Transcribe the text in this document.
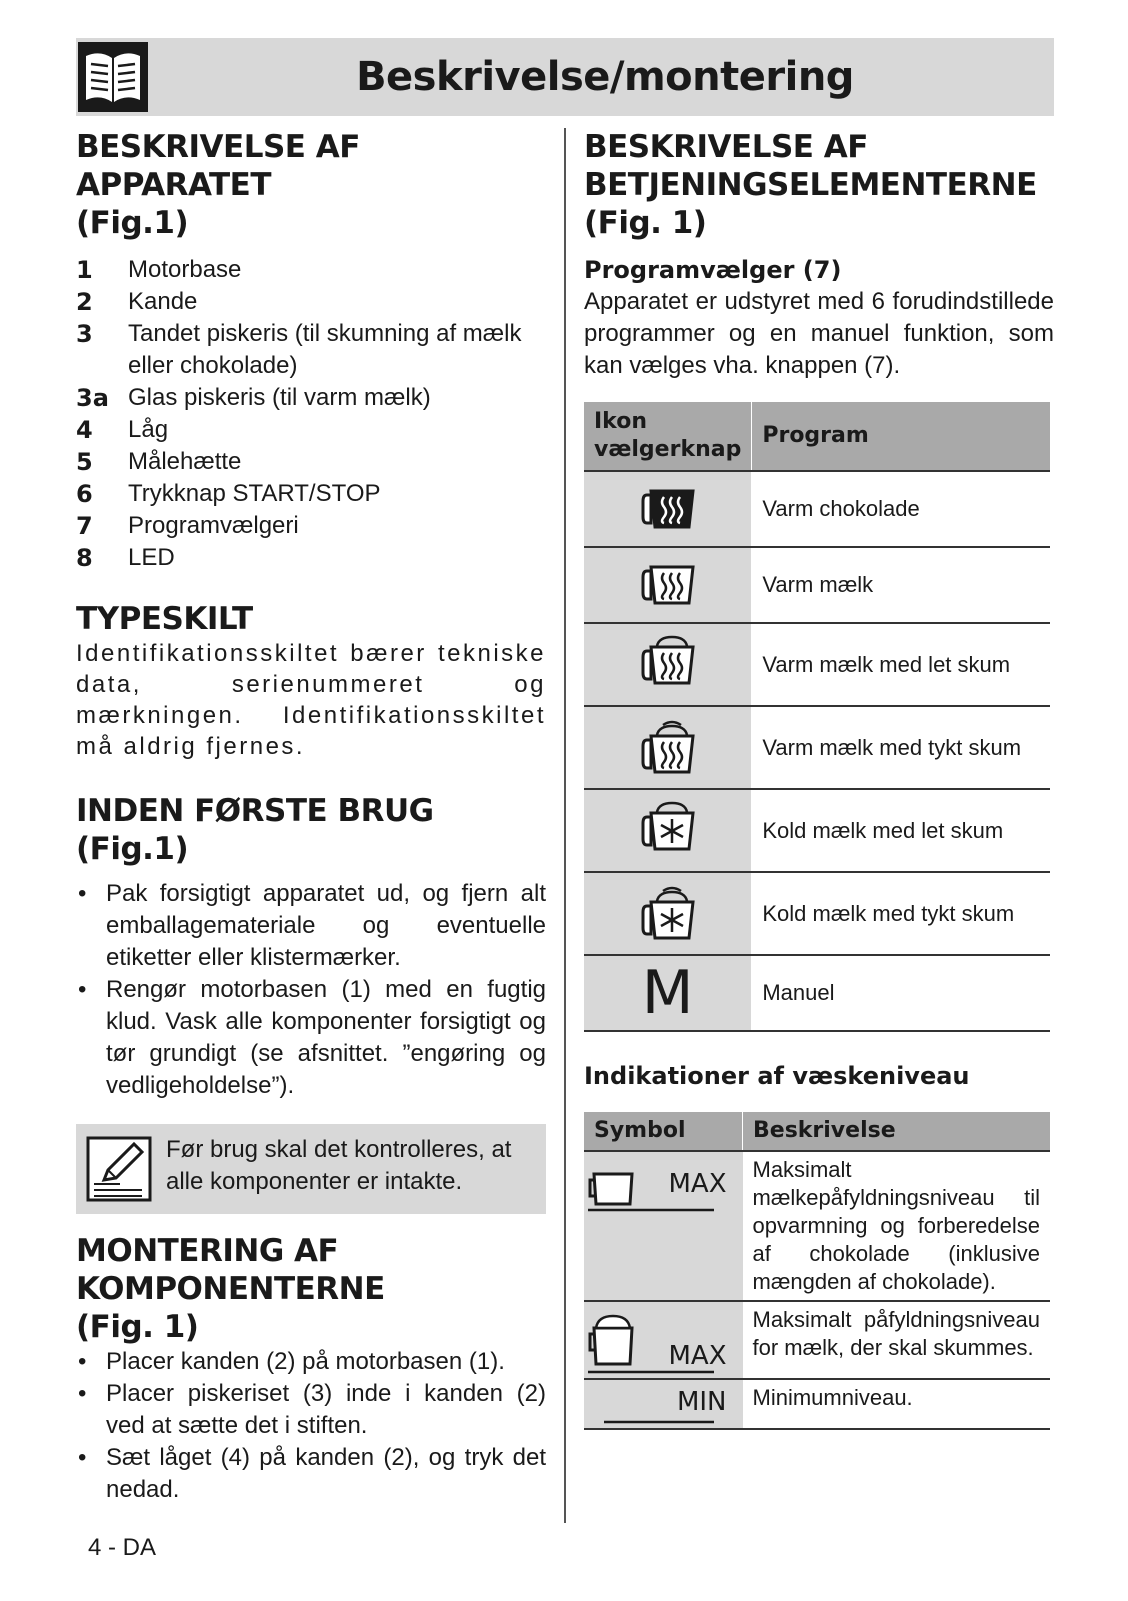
Beskrivelse/montering
BESKRIVELSE AF APPARATET
(Fig.1)
1	Motorbase
2	Kande
3	Tandet piskeris (til skumning af mælk eller chokolade)
3a Glas piskeris (til varm mælk)
4	Låg
5	Målehætte
6	Trykknap START/STOP
7	Programvælgeri
8	LED
TYPESKILT

Identifikationsskiltet bærer tekniske data, serienummeret og mærkningen. Identifikationsskiltet må aldrig fjernes.

INDEN FØRSTE BRUG
(Fig.1)
• Pak forsigtigt apparatet ud, og fjern alt emballagemateriale og eventuelle etiketter eller klistermærker.
• Rengør motorbasen (1) med en fugtig klud. Vask alle komponenter forsigtigt og tør grundigt (se afsnittet. ”engøring og vedligeholdelse”).

Før brug skal det kontrolleres, at alle komponenter er intakte.

MONTERING AF
KOMPONENTERNE
(Fig. 1)
• Placer kanden (2) på motorbasen (1).
• Placer piskeriset (3) inde i kanden (2) ved at sætte det i stiften.
• Sæt låget (4) på kanden (2), og tryk det nedad.
BESKRIVELSE AF
BETJENINGSELEMENTERNE
(Fig. 1)
Programvælger (7)

Apparatet er udstyret med 6 forudindstillede programmer og en manuel funktion, som kan vælges vha. knappen (7).

Ikon
vælgerknap	Program
	Varm chokolade
	Varm mælk
	Varm mælk med let skum
	Varm mælk med tykt skum
	Kold mælk med let skum
	Kold mælk med tykt skum
M	Manuel
Indikationer af væskeniveau
Symbol	Beskrivelse

MAX	Maksimalt mælkepåfyldningsniveau til opvarmning og forberedelse af chokolade (inklusive mængden af chokolade).

MAX	Maksimalt påfyldningsniveau for mælk, der skal skummes.

MIN	Minimumniveau.
4 - DA
